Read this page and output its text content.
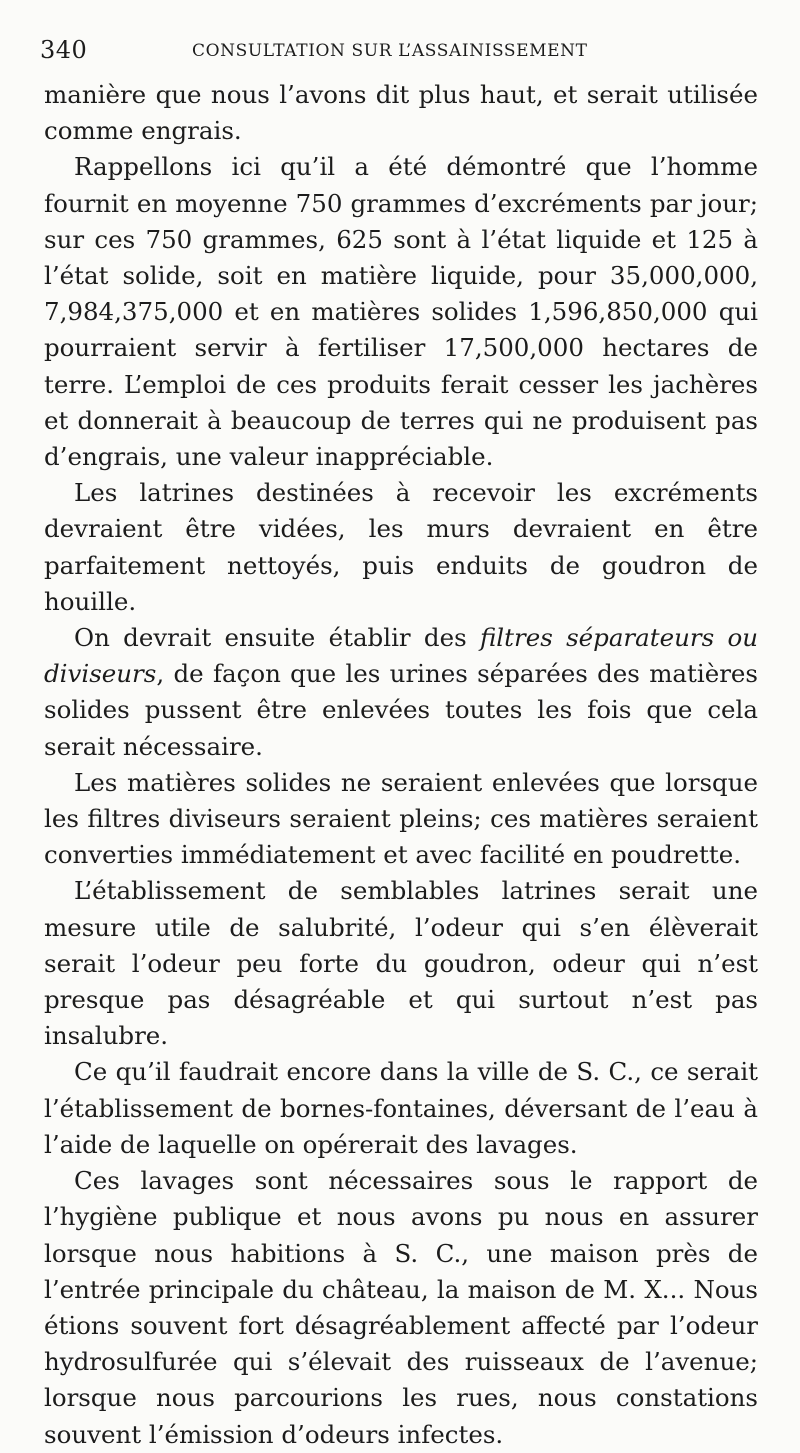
340	CONSULTATION SUR L’ASSAINISSEMENT

manière que nous l’avons dit plus haut, et serait utilisée comme engrais.

Rappellons ici qu’il a été démontré que l’homme fournit en moyenne 750 grammes d’excréments par jour; sur ces 750 grammes, 625 sont à l’état liquide et 125 à l’état solide, soit en matière liquide, pour 35,000,000, 7,984,375,000 et en matières solides 1,596,850,000 qui pourraient servir à fertiliser 17,500,000 hectares de terre. L’emploi de ces produits ferait cesser les jachères et donnerait à beaucoup de terres qui ne produisent pas d’engrais, une valeur inappréciable.

Les latrines destinées à recevoir les excréments devraient être vidées, les murs devraient en être parfaitement nettoyés, puis enduits de goudron de houille.

On devrait ensuite établir des filtres séparateurs ou diviseurs, de façon que les urines séparées des matières solides pussent être enlevées toutes les fois que cela serait nécessaire.

Les matières solides ne seraient enlevées que lorsque les filtres diviseurs seraient pleins; ces matières seraient converties immédiatement et avec facilité en poudrette.

L’établissement de semblables latrines serait une mesure utile de salubrité, l’odeur qui s’en élèverait serait l’odeur peu forte du goudron, odeur qui n’est presque pas désagréable et qui surtout n’est pas insalubre.

Ce qu’il faudrait encore dans la ville de S. C., ce serait l’établissement de bornes-fontaines, déversant de l’eau à l’aide de laquelle on opérerait des lavages.

Ces lavages sont nécessaires sous le rapport de l’hygiène publique et nous avons pu nous en assurer lorsque nous habitions à S. C., une maison près de l’entrée principale du château, la maison de M. X... Nous étions souvent fort désagréablement affecté par l’odeur hydrosulfurée qui s’élevait des ruisseaux de l’avenue; lorsque nous parcourions les rues, nous constations souvent l’émission d’odeurs infectes.
